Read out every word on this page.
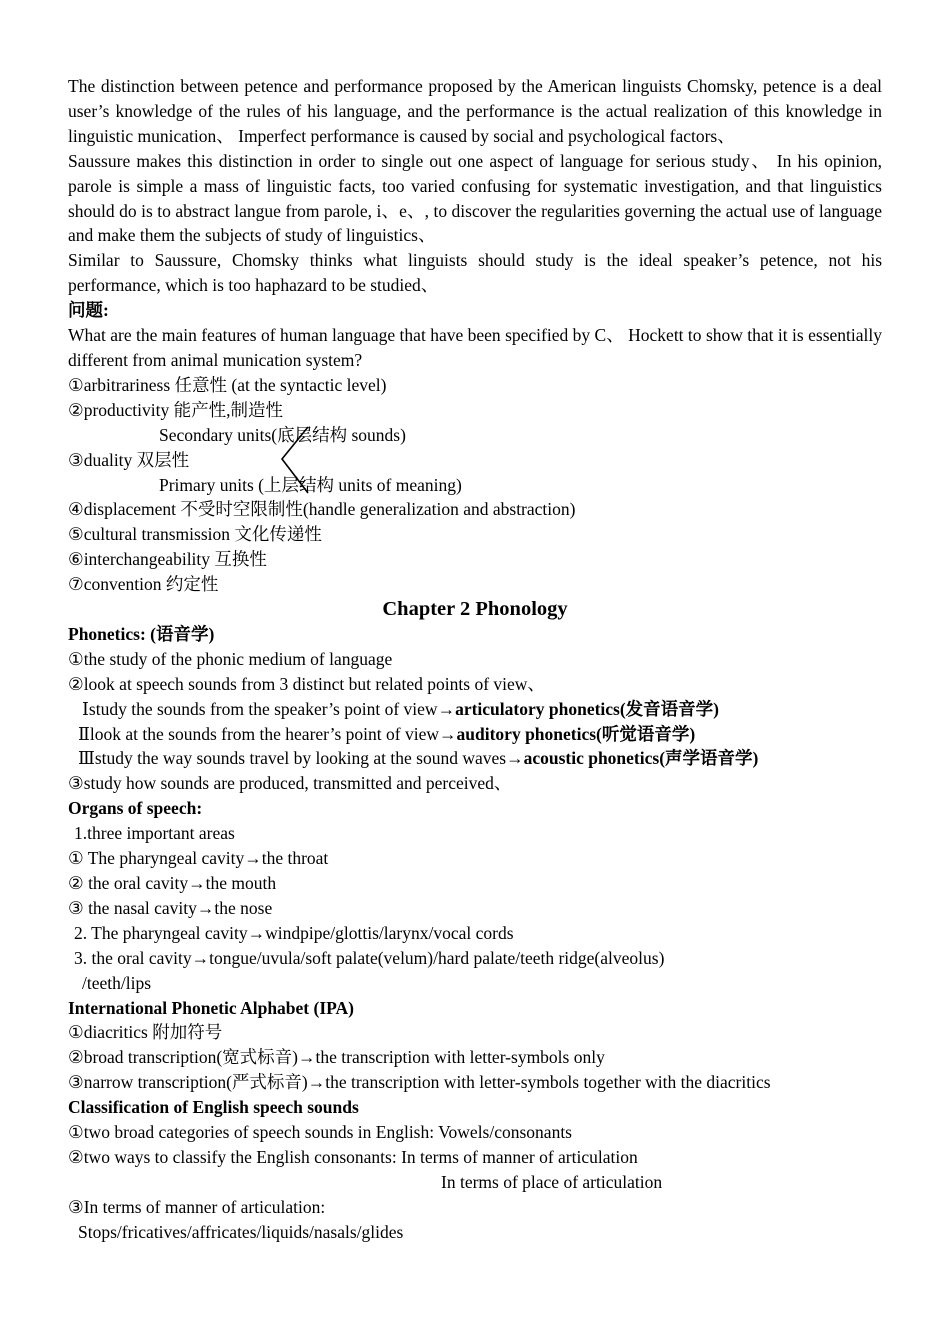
The distinction between petence and performance proposed by the American linguists Chomsky, petence is a deal user’s knowledge of the rules of his language, and the performance is the actual realization of this knowledge in linguistic munication、 Imperfect performance is caused by social and psychological factors、

Saussure makes this distinction in order to single out one aspect of language for serious study、 In his opinion, parole is simple a mass of linguistic facts, too varied confusing for systematic investigation, and that linguistics should do is to abstract langue from parole, i、e、, to discover the regularities governing the actual use of language and make them the subjects of study of linguistics、

Similar to Saussure, Chomsky thinks what linguists should study is the ideal speaker’s petence, not his performance, which is too haphazard to be studied、

问题:

What are the main features of human language that have been specified by C、 Hockett to show that it is essentially different from animal munication system?

①arbitrariness 任意性 (at the syntactic level)

②productivity 能产性,制造性

Secondary units(底层结构 sounds)

③duality 双层性

Primary units (上层结构 units of meaning)

④displacement 不受时空限制性(handle generalization and abstraction)

⑤cultural transmission 文化传递性

⑥interchangeability 互换性

⑦convention 约定性

Chapter 2 Phonology

Phonetics: (语音学)

①the study of the phonic medium of language

②look at speech sounds from 3 distinct but related points of view、

Ⅰstudy the sounds from the speaker’s point of view→articulatory phonetics(发音语音学)

Ⅱlook at the sounds from the hearer’s point of view→auditory phonetics(听觉语音学)

Ⅲstudy the way sounds travel by looking at the sound waves→acoustic phonetics(声学语音学)

③study how sounds are produced, transmitted and perceived、

Organs of speech:

1.three important areas

① The pharyngeal cavity→the throat

② the oral cavity→the mouth

③ the nasal cavity→the nose

2. The pharyngeal cavity→windpipe/glottis/larynx/vocal cords

3. the oral cavity→tongue/uvula/soft palate(velum)/hard palate/teeth ridge(alveolus)

/teeth/lips

International Phonetic Alphabet (IPA)

①diacritics 附加符号

②broad transcription(宽式标音)→the transcription with letter-symbols only

③narrow transcription(严式标音)→the transcription with letter-symbols together with the diacritics

Classification of English speech sounds

①two broad categories of speech sounds in English: Vowels/consonants

②two ways to classify the English consonants: In terms of manner of articulation

In terms of place of articulation

③In terms of manner of articulation:

Stops/fricatives/affricates/liquids/nasals/glides
